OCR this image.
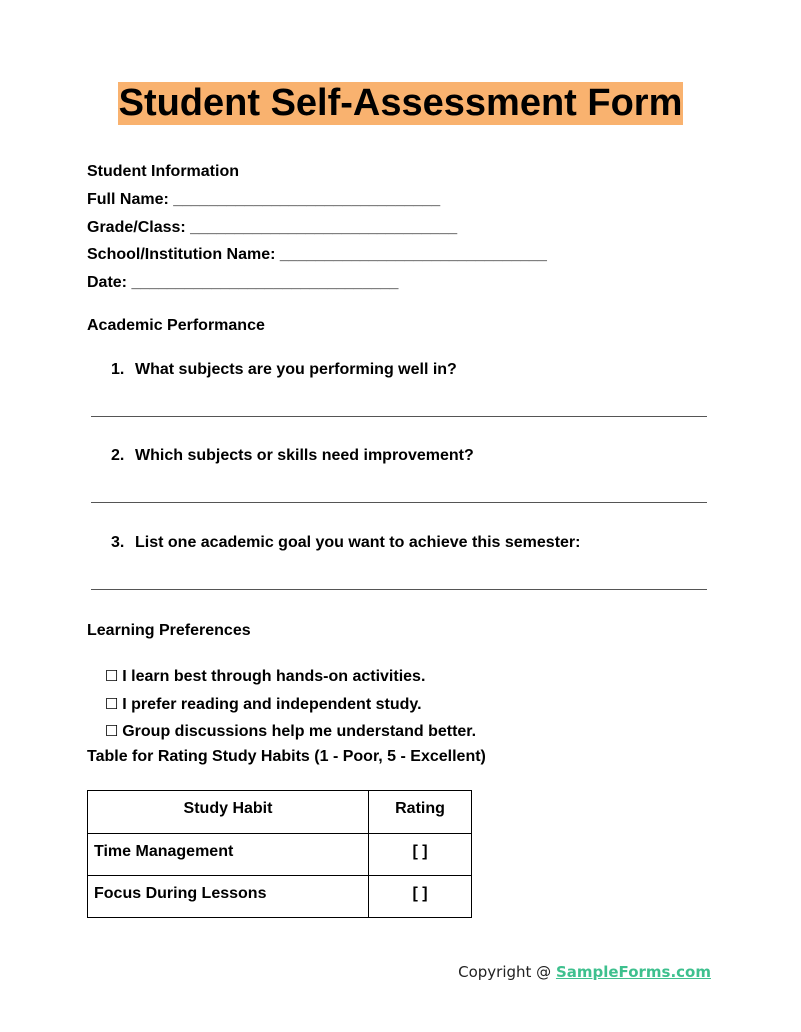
Student Self-Assessment Form
Student Information
Full Name: ______________________________
Grade/Class: ______________________________
School/Institution Name: ______________________________
Date: ______________________________
Academic Performance
1. What subjects are you performing well in?
2. Which subjects or skills need improvement?
3. List one academic goal you want to achieve this semester:
Learning Preferences

☐ I learn best through hands-on activities.

☐ I prefer reading and independent study.

☐ Group discussions help me understand better.

Table for Rating Study Habits (1 - Poor, 5 - Excellent)
Study Habit	Rating
Time Management	[ ]
Focus During Lessons	[ ]
Copyright @ SampleForms.com
